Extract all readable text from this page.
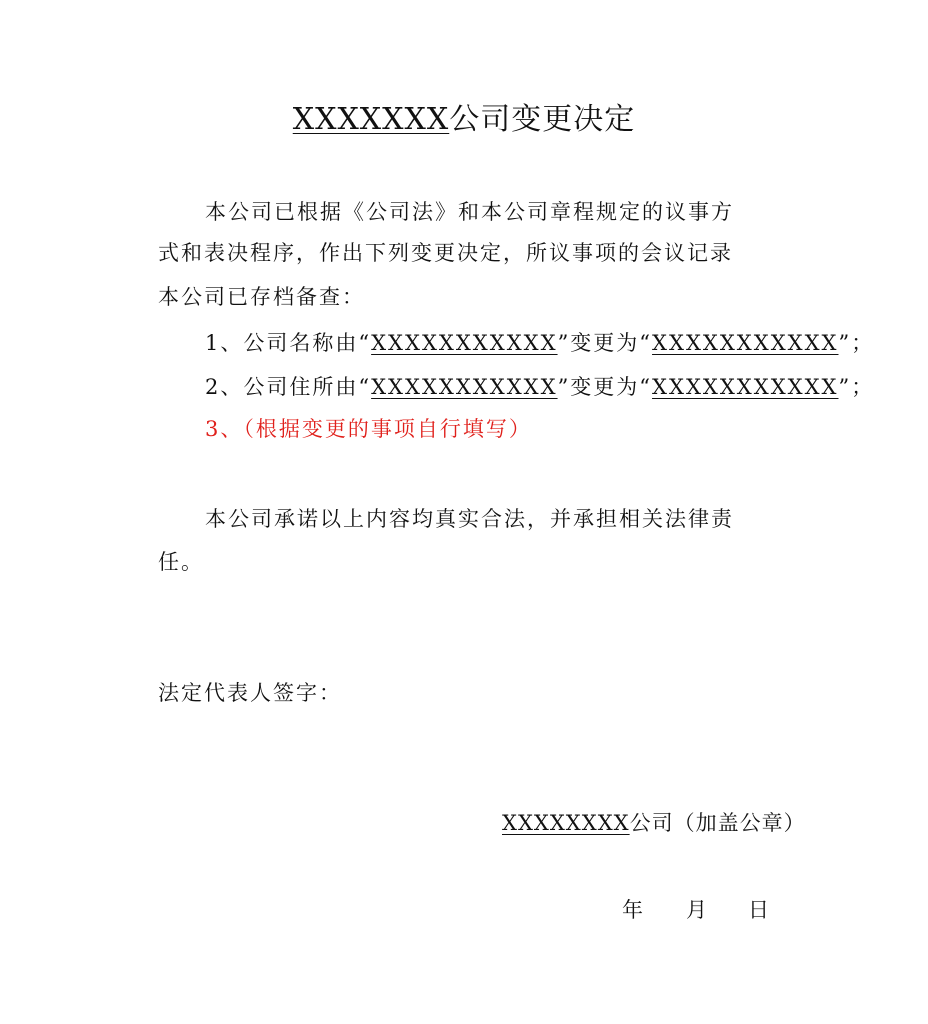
XXXXXXX公司变更决定
本公司已根据《公司法》和本公司章程规定的议事方
式和表决程序，作出下列变更决定，所议事项的会议记录
本公司已存档备查：
1、公司名称由“XXXXXXXXXXX”变更为“XXXXXXXXXXX”；
2、公司住所由“XXXXXXXXXXX”变更为“XXXXXXXXXXX”；
3、（根据变更的事项自行填写）
本公司承诺以上内容均真实合法，并承担相关法律责
任。
法定代表人签字：
XXXXXXXX公司（加盖公章）
年 月 日
